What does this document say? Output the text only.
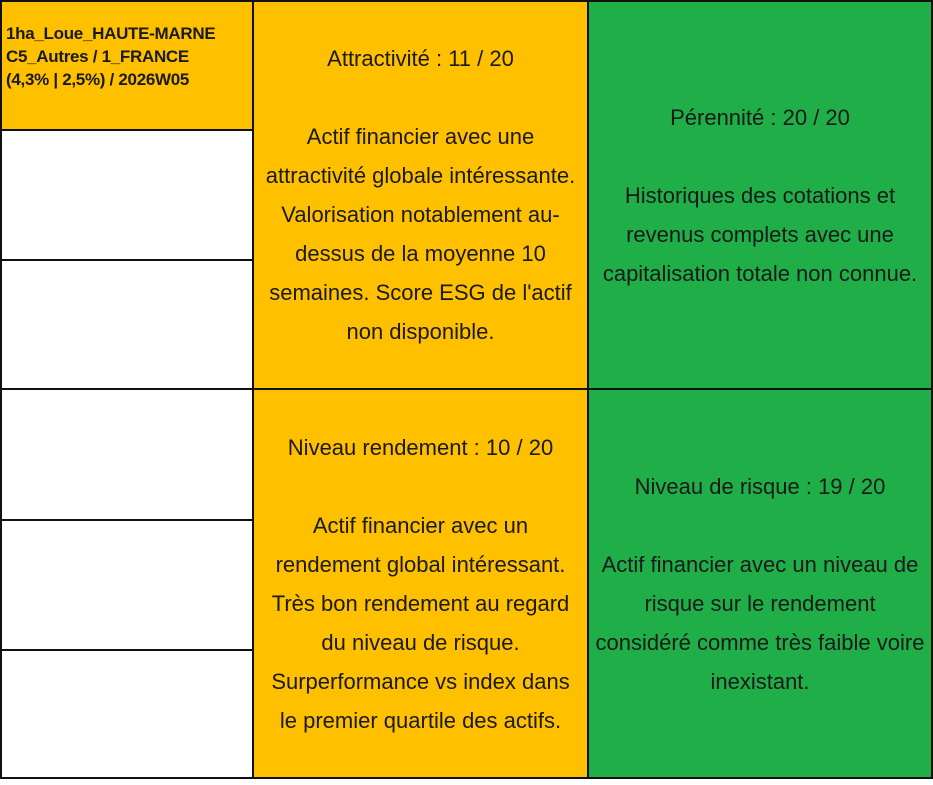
1ha_Loue_HAUTE-MARNE
C5_Autres / 1_FRANCE
(4,3% | 2,5%) / 2026W05
Attractivité : 11 / 20
Actif financier avec une attractivité globale intéressante. Valorisation notablement au-dessus de la moyenne 10 semaines. Score ESG de l'actif non disponible.
Pérennité : 20 / 20
Historiques des cotations et revenus complets avec une capitalisation totale non connue.
Niveau rendement : 10 / 20
Actif financier avec un rendement global intéressant. Très bon rendement au regard du niveau de risque. Surperformance vs index dans le premier quartile des actifs.
Niveau de risque : 19 / 20
Actif financier avec un niveau de risque sur le rendement considéré comme très faible voire inexistant.
